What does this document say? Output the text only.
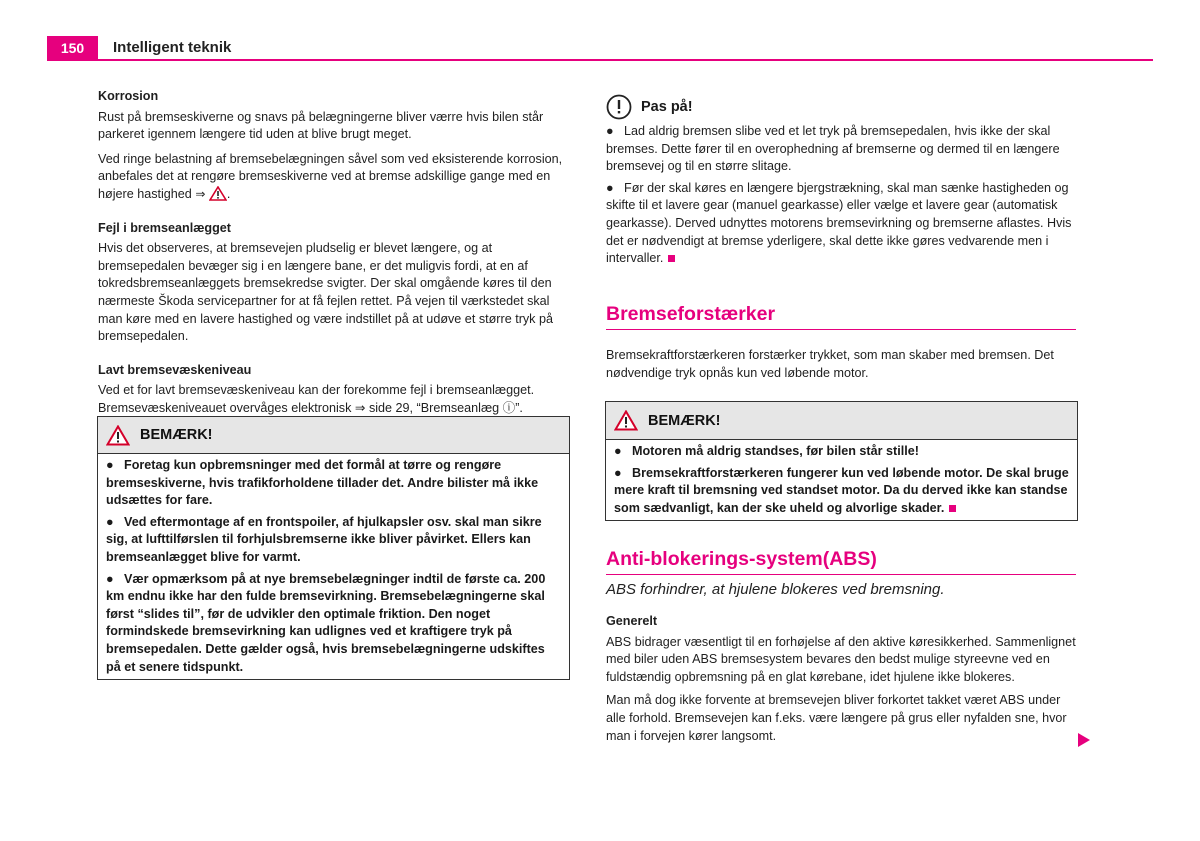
150	Intelligent teknik

Korrosion

Rust på bremseskiverne og snavs på belægningerne bliver værre hvis bilen står parkeret igennem længere tid uden at blive brugt meget.

Ved ringe belastning af bremsebelægningen såvel som ved eksisterende korrosion, anbefales det at rengøre bremseskiverne ved at bremse adskillige gange med en højere hastighed ⇒ .

Fejl i bremseanlægget

Hvis det observeres, at bremsevejen pludselig er blevet længere, og at bremsepedalen bevæger sig i en længere bane, er det muligvis fordi, at en af tokredsbremseanlæggets bremsekredse svigter. Der skal omgående køres til den nærmeste Škoda servicepartner for at få fejlen rettet. På vejen til værkstedet skal man køre med en lavere hastighed og være indstillet på at udøve et større tryk på bremsepedalen.

Lavt bremsevæskeniveau

Ved et for lavt bremsevæskeniveau kan der forekomme fejl i bremseanlægget. Bremsevæskeniveauet overvåges elektronisk ⇒ side 29, “Bremseanlæg ⓘ”.

BEMÆRK!

● Foretag kun opbremsninger med det formål at tørre og rengøre bremseskiverne, hvis trafikforholdene tillader det. Andre bilister må ikke udsættes for fare.

● Ved eftermontage af en frontspoiler, af hjulkapsler osv. skal man sikre sig, at lufttilførslen til forhjulsbremserne ikke bliver påvirket. Ellers kan bremseanlægget blive for varmt.

● Vær opmærksom på at nye bremsebelægninger indtil de første ca. 200 km endnu ikke har den fulde bremsevirkning. Bremsebelægningerne skal først “slides til”, før de udvikler den optimale friktion. Den noget formindskede bremsevirkning kan udlignes ved et kraftigere tryk på bremsepedalen. Dette gælder også, hvis bremsebelægningerne udskiftes på et senere tidspunkt.

Pas på!

● Lad aldrig bremsen slibe ved et let tryk på bremsepedalen, hvis ikke der skal bremses. Dette fører til en overophedning af bremserne og dermed til en længere bremsevej og til en større slitage.

● Før der skal køres en længere bjergstrækning, skal man sænke hastigheden og skifte til et lavere gear (manuel gearkasse) eller vælge et lavere gear (automatisk gearkasse). Derved udnyttes motorens bremsevirkning og bremserne aflastes. Hvis det er nødvendigt at bremse yderligere, skal dette ikke gøres vedvarende men i intervaller.

Bremseforstærker
Bremsekraftforstærkeren forstærker trykket, som man skaber med bremsen. Det nødvendige tryk opnås kun ved løbende motor.
BEMÆRK!

● Motoren må aldrig standses, før bilen står stille!

● Bremsekraftforstærkeren fungerer kun ved løbende motor. De skal bruge mere kraft til bremsning ved standset motor. Da du derved ikke kan standse som sædvanligt, kan der ske uheld og alvorlige skader.

Anti-blokerings-system(ABS)
ABS forhindrer, at hjulene blokeres ved bremsning.

Generelt

ABS bidrager væsentligt til en forhøjelse af den aktive køresikkerhed. Sammenlignet med biler uden ABS bremsesystem bevares den bedst mulige styreevne ved en fuldstændig opbremsning på en glat kørebane, idet hjulene ikke blokeres.

Man må dog ikke forvente at bremsevejen bliver forkortet takket været ABS under alle forhold. Bremsevejen kan f.eks. være længere på grus eller nyfalden sne, hvor man i forvejen kører langsomt.
